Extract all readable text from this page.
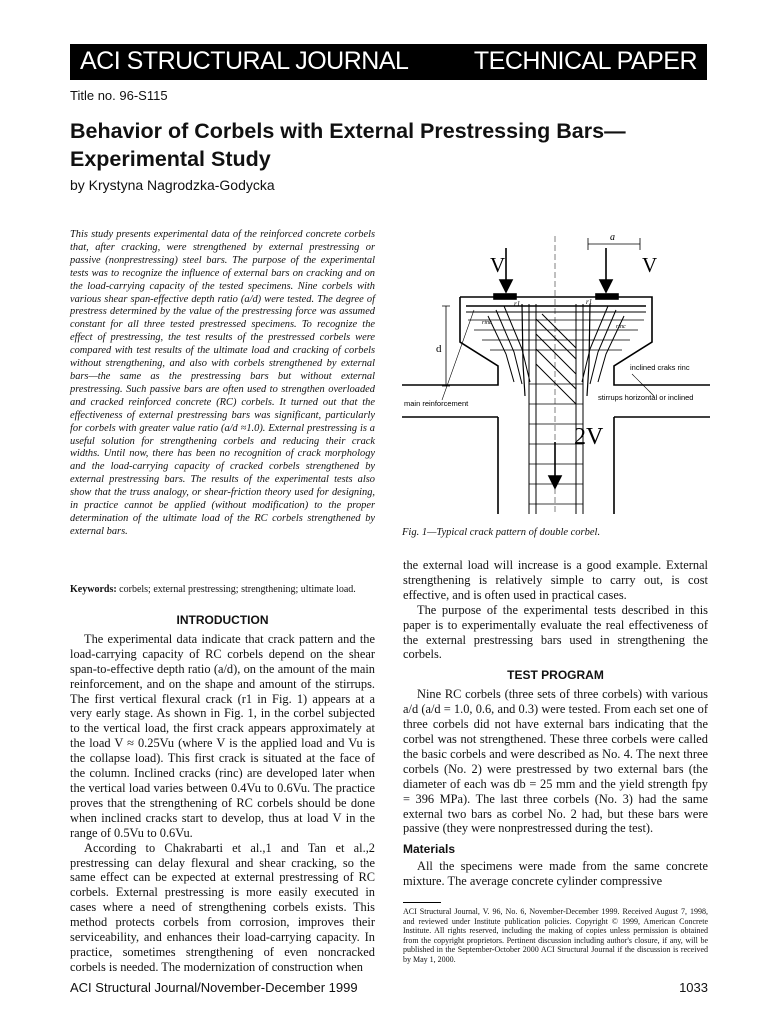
ACI STRUCTURAL JOURNAL	TECHNICAL PAPER
Title no. 96-S115
Behavior of Corbels with External Prestressing Bars—Experimental Study
by Krystyna Nagrodzka-Godycka

This study presents experimental data of the reinforced concrete corbels that, after cracking, were strengthened by external prestressing or passive (nonprestressing) steel bars. The purpose of the experimental tests was to recognize the influence of external bars on cracking and on the load-carrying capacity of the tested specimens. Nine corbels with various shear span-effective depth ratio (a/d) were tested. The degree of prestress determined by the value of the prestressing force was assumed constant for all three tested prestressed specimens. To recognize the effect of prestressing, the test results of the prestressed corbels were compared with test results of the ultimate load and cracking of corbels without strengthening, and also with corbels strengthened by external bars—the same as the prestressing bars but without external prestressing. Such passive bars are often used to strengthen overloaded and cracked reinforced concrete (RC) corbels. It turned out that the effectiveness of external prestressing bars was significant, particularly for corbels with greater value ratio (a/d ≈1.0). External prestressing is a useful solution for strengthening corbels and reducing their crack widths. Until now, there has been no recognition of crack morphology and the load-carrying capacity of cracked corbels strengthened by external prestressing bars. The results of the experimental tests also show that the truss analogy, or shear-friction theory used for designing, in practice cannot be applied (without modification) to the proper determination of the ultimate load of the RC corbels strengthened by external bars.

Keywords: corbels; external prestressing; strengthening; ultimate load.
INTRODUCTION

The experimental data indicate that crack pattern and the load-carrying capacity of RC corbels depend on the shear span-to-effective depth ratio (a/d), on the amount of the main reinforcement, and on the shape and amount of the stirrups. The first vertical flexural crack (r1 in Fig. 1) appears at a very early stage. As shown in Fig. 1, in the corbel subjected to the vertical load, the first crack appears approximately at the load V ≈ 0.25Vu (where V is the applied load and Vu is the collapse load). This first crack is situated at the face of the column. Inclined cracks (rinc) are developed later when the vertical load varies between 0.4Vu to 0.6Vu. The practice proves that the strengthening of RC corbels should be done when inclined cracks start to develop, thus at load V in the range of 0.5Vu to 0.6Vu.

According to Chakrabarti et al.,1 and Tan et al.,2 prestressing can delay flexural and shear cracking, so the same effect can be expected at external prestressing of RC corbels. External prestressing is more easily executed in cases where a need of strengthening corbels exists. This method protects corbels from corrosion, improves their serviceability, and enhances their load-carrying capacity. In practice, sometimes strengthening of even noncracked corbels is needed. The modernization of construction when

a
V	V
d
r1	r1
rinc
rinc
2V
inclined craks rinc
stirrups horizontal or inclined
main reinforcement
Fig. 1—Typical crack pattern of double corbel.

the external load will increase is a good example. External strengthening is relatively simple to carry out, is cost effective, and is often used in practical cases.

The purpose of the experimental tests described in this paper is to experimentally evaluate the real effectiveness of the external prestressing bars used in strengthening the corbels.

TEST PROGRAM

Nine RC corbels (three sets of three corbels) with various a/d (a/d = 1.0, 0.6, and 0.3) were tested. From each set one of three corbels did not have external bars indicating that the corbel was not strengthened. These three corbels were called the basic corbels and were described as No. 4. The next three corbels (No. 2) were prestressed by two external bars (the diameter of each was db = 25 mm and the yield strength fpy = 396 MPa). The last three corbels (No. 3) had the same external two bars as corbel No. 2 had, but these bars were passive (they were nonprestressed during the test).

Materials

All the specimens were made from the same concrete mixture. The average concrete cylinder compressive

ACI Structural Journal, V. 96, No. 6, November-December 1999. Received August 7, 1998, and reviewed under Institute publication policies. Copyright © 1999, American Concrete Institute. All rights reserved, including the making of copies unless permission is obtained from the copyright proprietors. Pertinent discussion including author's closure, if any, will be published in the September-October 2000 ACI Structural Journal if the discussion is received by May 1, 2000.

ACI Structural Journal/November-December 1999	1033
